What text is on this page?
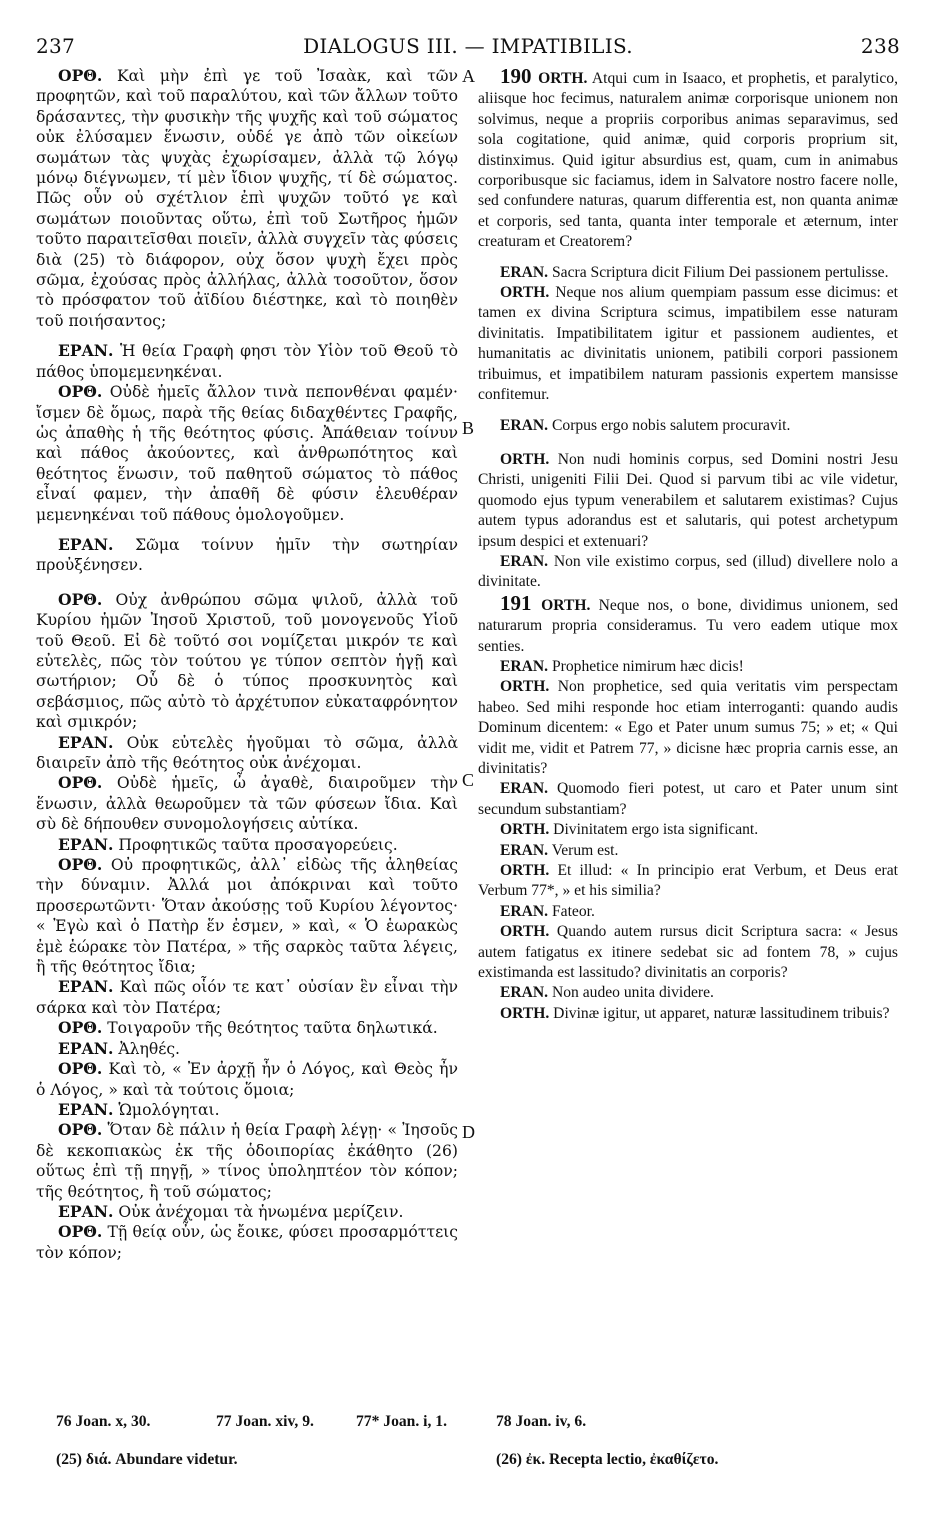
DIALOGUS III. — IMPATIBILIS.
237	238
A
B
C
D
ΟΡΘ. Καὶ μὴν ἐπὶ γε τοῦ Ἰσαὰκ, καὶ τῶν προφητῶν, καὶ τοῦ παραλύτου, καὶ τῶν ἄλλων τοῦτο δράσαντες, τὴν φυσικὴν τῆς ψυχῆς καὶ τοῦ σώματος οὐκ ἐλύσαμεν ἕνωσιν, οὐδέ γε ἀπὸ τῶν οἰκείων σωμάτων τὰς ψυχὰς ἐχωρίσαμεν, ἀλλὰ τῷ λόγῳ μόνῳ διέγνωμεν, τί μὲν ἴδιον ψυχῆς, τί δὲ σώματος. Πῶς οὖν οὐ σχέτλιον ἐπὶ ψυχῶν τοῦτό γε καὶ σωμάτων ποιοῦντας οὕτω, ἐπὶ τοῦ Σωτῆρος ἡμῶν τοῦτο παραιτεῖσθαι ποιεῖν, ἀλλὰ συγχεῖν τὰς φύσεις διὰ (25) τὸ διάφορον, οὐχ ὅσον ψυχὴ ἔχει πρὸς σῶμα, ἐχούσας πρὸς ἀλλήλας, ἀλλὰ τοσοῦτον, ὅσον τὸ πρόσφατον τοῦ ἀϊδίου διέστηκε, καὶ τὸ ποιηθὲν τοῦ ποιήσαντος;
ΕΡΑΝ. Ἡ θεία Γραφὴ φησι τὸν Υἱὸν τοῦ Θεοῦ τὸ πάθος ὑπομεμενηκέναι.
ΟΡΘ. Οὐδὲ ἡμεῖς ἄλλον τινὰ πεπονθέναι φαμέν· ἴσμεν δὲ ὅμως, παρὰ τῆς θείας διδαχθέντες Γραφῆς, ὡς ἀπαθὴς ἡ τῆς θεότητος φύσις. Ἀπάθειαν τοίνυν καὶ πάθος ἀκούοντες, καὶ ἀνθρωπότητος καὶ θεότητος ἕνωσιν, τοῦ παθητοῦ σώματος τὸ πάθος εἶναί φαμεν, τὴν ἀπαθῆ δὲ φύσιν ἐλευθέραν μεμενηκέναι τοῦ πάθους ὁμολογοῦμεν.
ΕΡΑΝ. Σῶμα τοίνυν ἡμῖν τὴν σωτηρίαν προὐξένησεν.
ΟΡΘ. Οὐχ ἀνθρώπου σῶμα ψιλοῦ, ἀλλὰ τοῦ Κυρίου ἡμῶν Ἰησοῦ Χριστοῦ, τοῦ μονογενοῦς Υἱοῦ τοῦ Θεοῦ. Εἰ δὲ τοῦτό σοι νομίζεται μικρόν τε καὶ εὐτελὲς, πῶς τὸν τούτου γε τύπον σεπτὸν ἡγῇ καὶ σωτήριον; Οὗ δὲ ὁ τύπος προσκυνητὸς καὶ σεβάσμιος, πῶς αὐτὸ τὸ ἀρχέτυπον εὐκαταφρόνητον καὶ σμικρόν;
ΕΡΑΝ. Οὐκ εὐτελὲς ἡγοῦμαι τὸ σῶμα, ἀλλὰ διαιρεῖν ἀπὸ τῆς θεότητος οὐκ ἀνέχομαι.
ΟΡΘ. Οὐδὲ ἡμεῖς, ὦ ἀγαθὲ, διαιροῦμεν τὴν ἕνωσιν, ἀλλὰ θεωροῦμεν τὰ τῶν φύσεων ἴδια. Καὶ σὺ δὲ δήπουθεν συνομολογήσεις αὐτίκα.
ΕΡΑΝ. Προφητικῶς ταῦτα προσαγορεύεις.
ΟΡΘ. Οὐ προφητικῶς, ἀλλ᾽ εἰδὼς τῆς ἀληθείας τὴν δύναμιν. Ἀλλά μοι ἀπόκριναι καὶ τοῦτο προσερωτῶντι· Ὅταν ἀκούσῃς τοῦ Κυρίου λέγοντος· « Ἐγὼ καὶ ὁ Πατὴρ ἕν ἐσμεν, » καὶ, « Ὁ ἑωρακὼς ἐμὲ ἑώρακε τὸν Πατέρα, » τῆς σαρκὸς ταῦτα λέγεις, ἢ τῆς θεότητος ἴδια;
ΕΡΑΝ. Καὶ πῶς οἷόν τε κατ᾽ οὐσίαν ἓν εἶναι τὴν σάρκα καὶ τὸν Πατέρα;
ΟΡΘ. Τοιγαροῦν τῆς θεότητος ταῦτα δηλωτικά.
ΕΡΑΝ. Ἀληθές.
ΟΡΘ. Καὶ τὸ, « Ἐν ἀρχῇ ἦν ὁ Λόγος, καὶ Θεὸς ἦν ὁ Λόγος, » καὶ τὰ τούτοις ὅμοια;
ΕΡΑΝ. Ὡμολόγηται.
ΟΡΘ. Ὅταν δὲ πάλιν ἡ θεία Γραφὴ λέγῃ· « Ἰησοῦς δὲ κεκοπιακὼς ἐκ τῆς ὁδοιπορίας ἐκάθητο (26) οὕτως ἐπὶ τῇ πηγῇ, » τίνος ὑποληπτέον τὸν κόπον; τῆς θεότητος, ἢ τοῦ σώματος;
ΕΡΑΝ. Οὐκ ἀνέχομαι τὰ ἡνωμένα μερίζειν.
ΟΡΘ. Τῇ θείᾳ οὖν, ὡς ἔοικε, φύσει προσαρμόττεις τὸν κόπον;
190 ORTH. Atqui cum in Isaaco, et prophetis, et paralytico, aliisque hoc fecimus, naturalem animæ corporisque unionem non solvimus, neque a propriis corporibus animas separavimus, sed sola cogitatione, quid animæ, quid corporis proprium sit, distinximus. Quid igitur absurdius est, quam, cum in animabus corporibusque sic faciamus, idem in Salvatore nostro facere nolle, sed confundere naturas, quarum differentia est, non quanta animæ et corporis, sed tanta, quanta inter temporale et æternum, inter creaturam et Creatorem?
ERAN. Sacra Scriptura dicit Filium Dei passionem pertulisse.
ORTH. Neque nos alium quempiam passum esse dicimus: et tamen ex divina Scriptura scimus, impatibilem esse naturam divinitatis. Impatibilitatem igitur et passionem audientes, et humanitatis ac divinitatis unionem, patibili corpori passionem tribuimus, et impatibilem naturam passionis expertem mansisse confitemur.
ERAN. Corpus ergo nobis salutem procuravit.
ORTH. Non nudi hominis corpus, sed Domini nostri Jesu Christi, unigeniti Filii Dei. Quod si parvum tibi ac vile videtur, quomodo ejus typum venerabilem et salutarem existimas? Cujus autem typus adorandus est et salutaris, qui potest archetypum ipsum despici et extenuari?
ERAN. Non vile existimo corpus, sed (illud) divellere nolo a divinitate.
191 ORTH. Neque nos, o bone, dividimus unionem, sed naturarum propria consideramus. Tu vero eadem utique mox senties.
ERAN. Prophetice nimirum hæc dicis!
ORTH. Non prophetice, sed quia veritatis vim perspectam habeo. Sed mihi responde hoc etiam interroganti: quando audis Dominum dicentem: « Ego et Pater unum sumus 75; » et; « Qui vidit me, vidit et Patrem 77, » dicisne hæc propria carnis esse, an divinitatis?
ERAN. Quomodo fieri potest, ut caro et Pater unum sint secundum substantiam?
ORTH. Divinitatem ergo ista significant.
ERAN. Verum est.
ORTH. Et illud: « In principio erat Verbum, et Deus erat Verbum 77*, » et his similia?
ERAN. Fateor.
ORTH. Quando autem rursus dicit Scriptura sacra: « Jesus autem fatigatus ex itinere sedebat sic ad fontem 78, » cujus existimanda est lassitudo? divinitatis an corporis?
ERAN. Non audeo unita dividere.
ORTH. Divinæ igitur, ut apparet, naturæ lassitudinem tribuis?
76 Joan. x, 30.	77 Joan. xiv, 9.	77* Joan. i, 1.	78 Joan. iv, 6.
(25) διά. Abundare videtur.	(26) ἐκ. Recepta lectio, ἐκαθίζετο.
